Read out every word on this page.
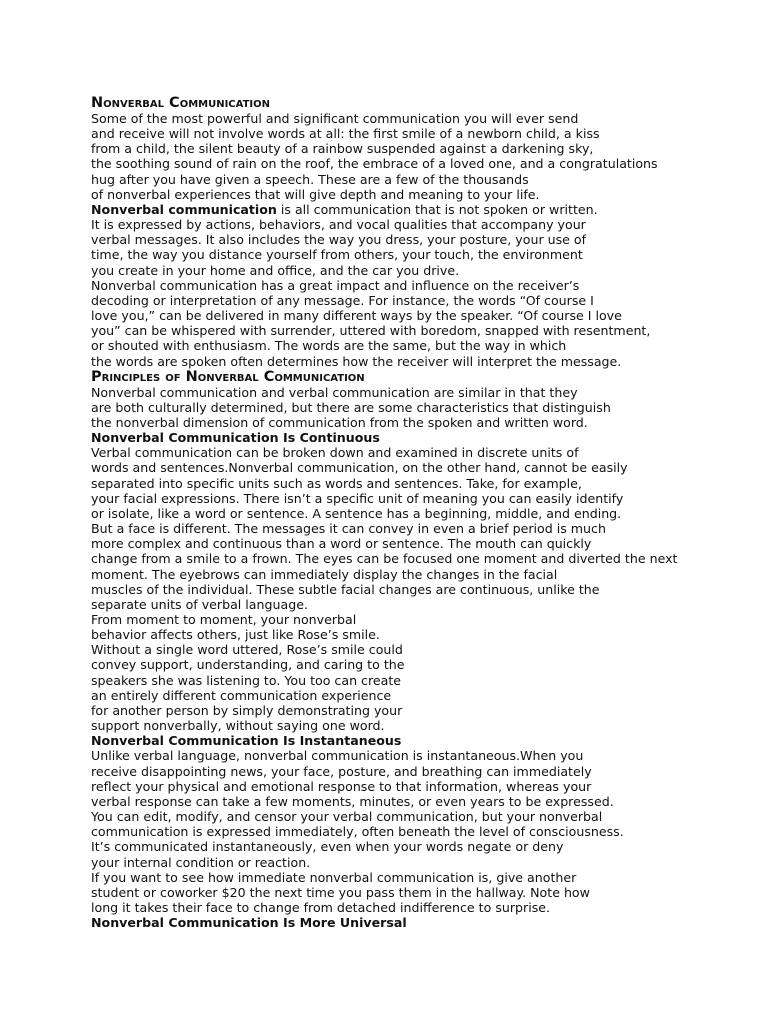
Nonverbal Communication
Some of the most powerful and significant communication you will ever send
and receive will not involve words at all: the first smile of a newborn child, a kiss
from a child, the silent beauty of a rainbow suspended against a darkening sky,
the soothing sound of rain on the roof, the embrace of a loved one, and a congratulations
hug after you have given a speech. These are a few of the thousands
of nonverbal experiences that will give depth and meaning to your life.
Nonverbal communication is all communication that is not spoken or written.
It is expressed by actions, behaviors, and vocal qualities that accompany your
verbal messages. It also includes the way you dress, your posture, your use of
time, the way you distance yourself from others, your touch, the environment
you create in your home and office, and the car you drive.
Nonverbal communication has a great impact and influence on the receiver’s
decoding or interpretation of any message. For instance, the words “Of course I
love you,” can be delivered in many different ways by the speaker. “Of course I love
you” can be whispered with surrender, uttered with boredom, snapped with resentment,
or shouted with enthusiasm. The words are the same, but the way in which
the words are spoken often determines how the receiver will interpret the message.
Principles of Nonverbal Communication
Nonverbal communication and verbal communication are similar in that they
are both culturally determined, but there are some characteristics that distinguish
the nonverbal dimension of communication from the spoken and written word.
Nonverbal Communication Is Continuous
Verbal communication can be broken down and examined in discrete units of
words and sentences.Nonverbal communication, on the other hand, cannot be easily
separated into specific units such as words and sentences. Take, for example,
your facial expressions. There isn’t a specific unit of meaning you can easily identify
or isolate, like a word or sentence. A sentence has a beginning, middle, and ending.
But a face is different. The messages it can convey in even a brief period is much
more complex and continuous than a word or sentence. The mouth can quickly
change from a smile to a frown. The eyes can be focused one moment and diverted the next
moment. The eyebrows can immediately display the changes in the facial
muscles of the individual. These subtle facial changes are continuous, unlike the
separate units of verbal language.
From moment to moment, your nonverbal
behavior affects others, just like Rose’s smile.
Without a single word uttered, Rose’s smile could
convey support, understanding, and caring to the
speakers she was listening to. You too can create
an entirely different communication experience
for another person by simply demonstrating your
support nonverbally, without saying one word.
Nonverbal Communication Is Instantaneous
Unlike verbal language, nonverbal communication is instantaneous.When you
receive disappointing news, your face, posture, and breathing can immediately
reflect your physical and emotional response to that information, whereas your
verbal response can take a few moments, minutes, or even years to be expressed.
You can edit, modify, and censor your verbal communication, but your nonverbal
communication is expressed immediately, often beneath the level of consciousness.
It’s communicated instantaneously, even when your words negate or deny
your internal condition or reaction.
If you want to see how immediate nonverbal communication is, give another
student or coworker $20 the next time you pass them in the hallway. Note how
long it takes their face to change from detached indifference to surprise.
Nonverbal Communication Is More Universal
